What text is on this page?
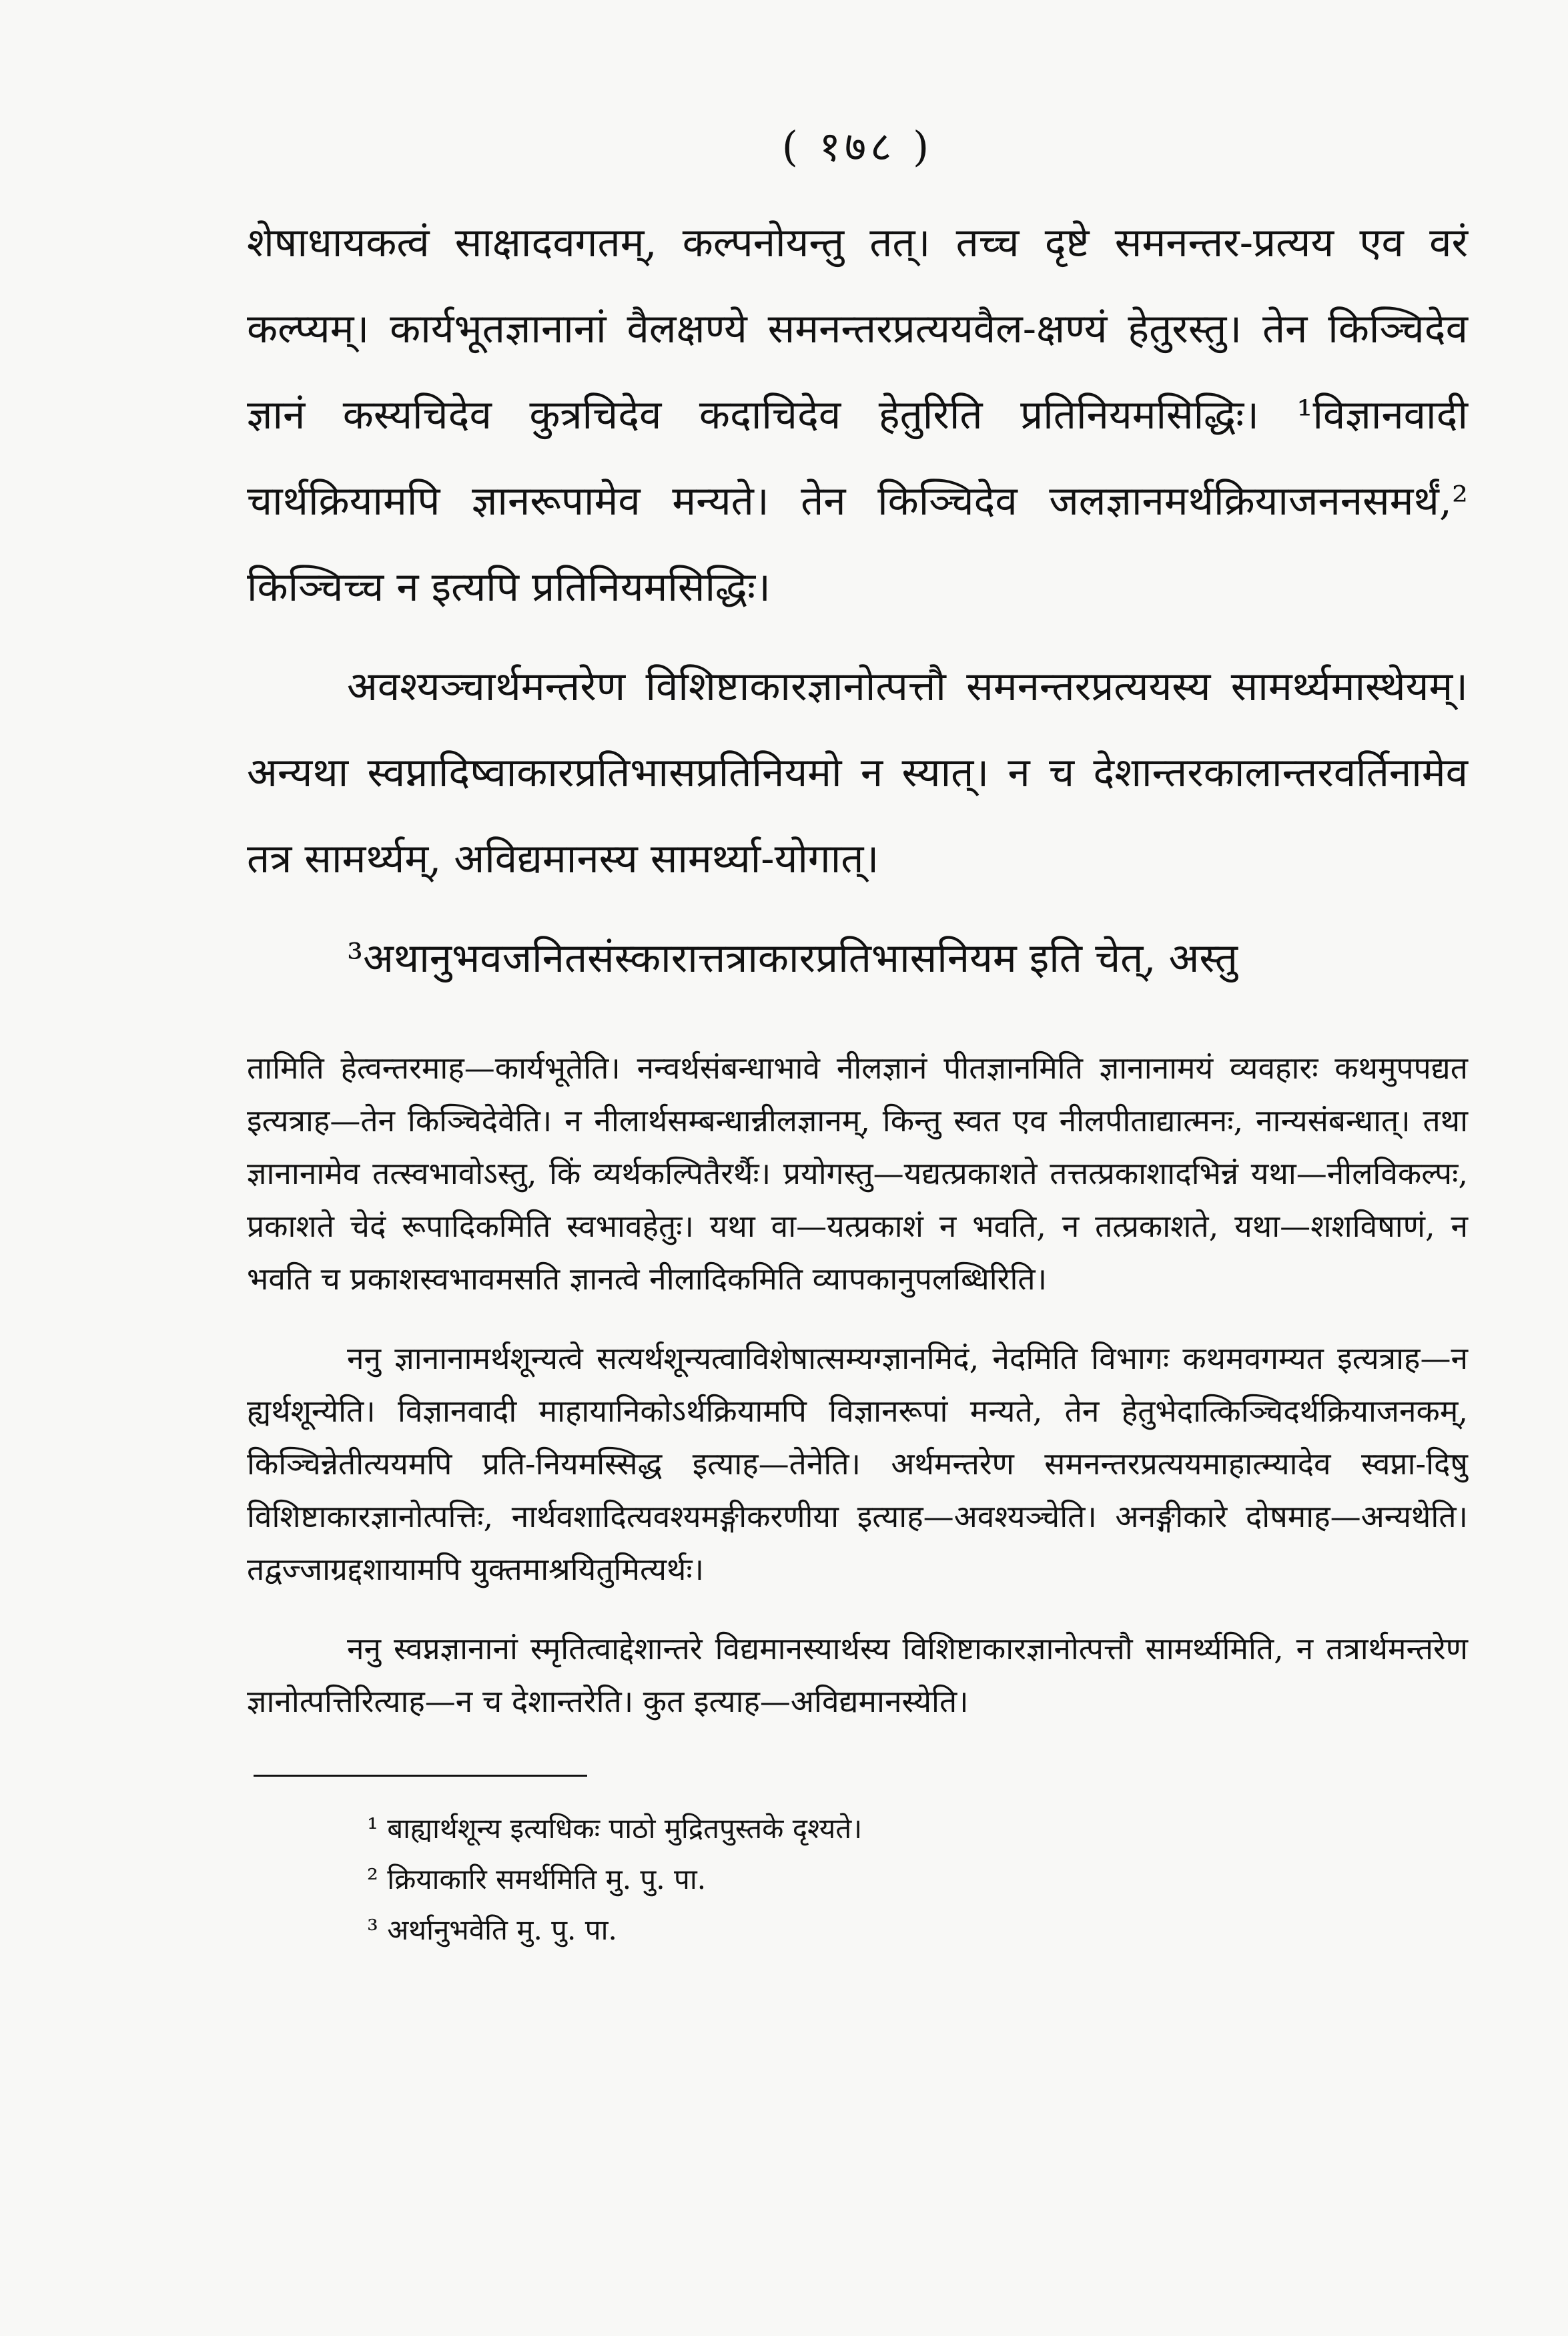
( १७८ )

शेषाधायकत्वं साक्षादवगतम्, कल्पनोयन्तु तत्। तच्च दृष्टे समनन्तर-प्रत्यय एव वरं कल्प्यम्। कार्यभूतज्ञानानां वैलक्षण्ये समनन्तरप्रत्ययवैल-क्षण्यं हेतुरस्तु। तेन किञ्चिदेव ज्ञानं कस्यचिदेव कुत्रचिदेव कदाचिदेव हेतुरिति प्रतिनियमसिद्धिः। ¹विज्ञानवादी चार्थक्रियामपि ज्ञानरूपामेव मन्यते। तेन किञ्चिदेव जलज्ञानमर्थक्रियाजननसमर्थं,² किञ्चिच्च न इत्यपि प्रतिनियमसिद्धिः।

अवश्यञ्चार्थमन्तरेण विशिष्टाकारज्ञानोत्पत्तौ समनन्तरप्रत्ययस्य सामर्थ्यमास्थेयम्। अन्यथा स्वप्नादिष्वाकारप्रतिभासप्रतिनियमो न स्यात्। न च देशान्तरकालान्तरवर्तिनामेव तत्र सामर्थ्यम्, अविद्यमानस्य सामर्थ्या-योगात्।

³अथानुभवजनितसंस्कारात्तत्राकारप्रतिभासनियम इति चेत्, अस्तु

तामिति हेत्वन्तरमाह—कार्यभूतेति। नन्वर्थसंबन्धाभावे नीलज्ञानं पीतज्ञानमिति ज्ञानानामयं व्यवहारः कथमुपपद्यत इत्यत्राह—तेन किञ्चिदेवेति। न नीलार्थसम्बन्धान्नीलज्ञानम्, किन्तु स्वत एव नीलपीताद्यात्मनः, नान्यसंबन्धात्। तथा ज्ञानानामेव तत्स्वभावोऽस्तु, किं व्यर्थकल्पितैरर्थैः। प्रयोगस्तु—यद्यत्प्रकाशते तत्तत्प्रकाशादभिन्नं यथा—नीलविकल्पः, प्रकाशते चेदं रूपादिकमिति स्वभावहेतुः। यथा वा—यत्प्रकाशं न भवति, न तत्प्रकाशते, यथा—शशविषाणं, न भवति च प्रकाशस्वभावमसति ज्ञानत्वे नीलादिकमिति व्यापकानुपलब्धिरिति।

ननु ज्ञानानामर्थशून्यत्वे सत्यर्थशून्यत्वाविशेषात्सम्यग्ज्ञानमिदं, नेदमिति विभागः कथमवगम्यत इत्यत्राह—न ह्यर्थशून्येति। विज्ञानवादी माहायानिकोऽर्थक्रियामपि विज्ञानरूपां मन्यते, तेन हेतुभेदात्किञ्चिदर्थक्रियाजनकम्, किञ्चिन्नेतीत्ययमपि प्रति-नियमस्सिद्ध इत्याह—तेनेति। अर्थमन्तरेण समनन्तरप्रत्ययमाहात्म्यादेव स्वप्ना-दिषु विशिष्टाकारज्ञानोत्पत्तिः, नार्थवशादित्यवश्यमङ्गीकरणीया इत्याह—अवश्यञ्चेति। अनङ्गीकारे दोषमाह—अन्यथेति। तद्वज्जाग्रद्दशायामपि युक्तमाश्रयितुमित्यर्थः।

ननु स्वप्नज्ञानानां स्मृतित्वाद्देशान्तरे विद्यमानस्यार्थस्य विशिष्टाकारज्ञानोत्पत्तौ सामर्थ्यमिति, न तत्रार्थमन्तरेण ज्ञानोत्पत्तिरित्याह—न च देशान्तरेति। कुत इत्याह—अविद्यमानस्येति।

¹ बाह्यार्थशून्य इत्यधिकः पाठो मुद्रितपुस्तके दृश्यते।

² क्रियाकारि समर्थमिति मु. पु. पा.

³ अर्थानुभवेति मु. पु. पा.
